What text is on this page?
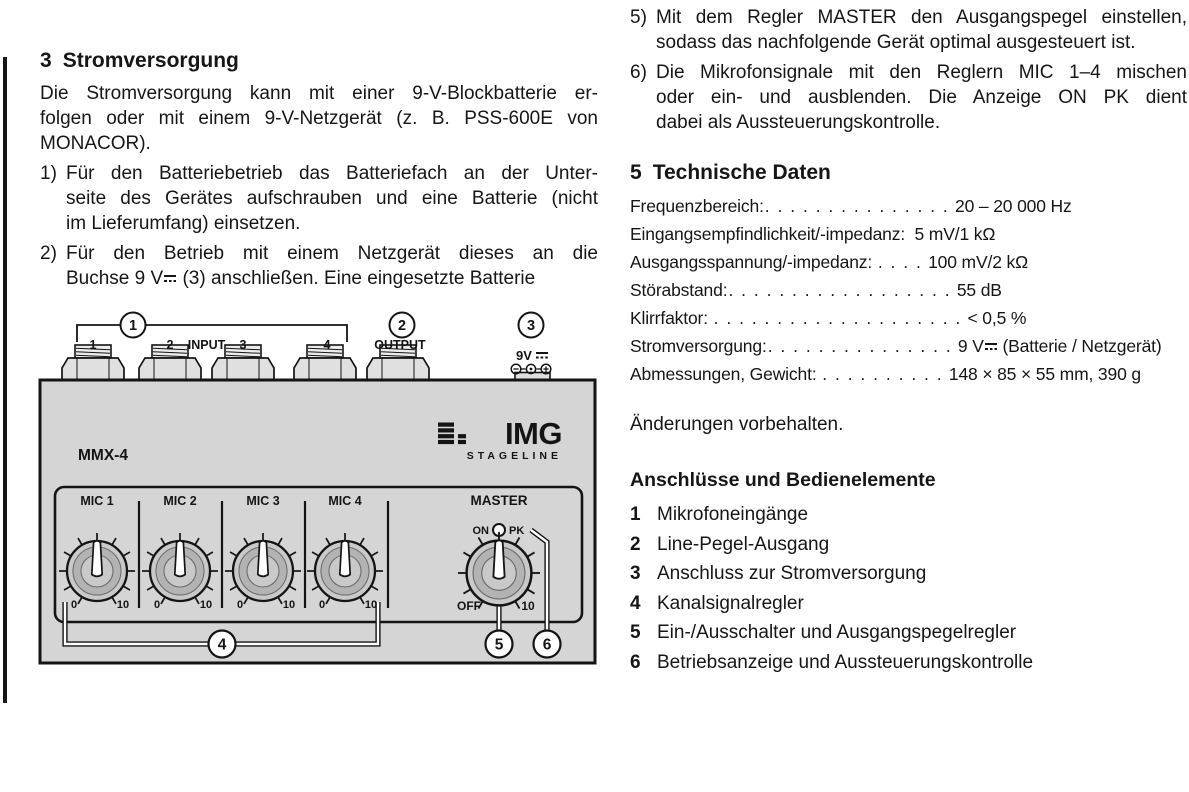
3 Stromversorgung

Die Stromversorgung kann mit einer 9-V-Blockbatterie er-
folgen oder mit einem 9-V-Netzgerät (z. B. PSS-600E von
MONACOR).

1) Für den Batteriebetrieb das Batteriefach an der Unter-
seite des Gerätes aufschrauben und eine Batterie (nicht
im Lieferumfang) einsetzen.
2) Für den Betrieb mit einem Netzgerät dieses an die
Buchse 9 V (3) anschließen. Eine eingesetzte Batterie
1	2 INPUT 3	4	OUTPUT
9V
1	2	3
MMX-4
IMG
STAGELINE
MIC 1	MIC 2	MIC 3	MIC 4	MASTER
ON PK
0	10 0	10 0	10 0	10	OFF	10
4	5	6
5) Mit dem Regler MASTER den Ausgangspegel einstellen,
sodass das nachfolgende Gerät optimal ausgesteuert ist.
6) Die Mikrofonsignale mit den Reglern MIC 1–4 mischen
oder ein- und ausblenden. Die Anzeige ON PK dient
dabei als Aussteuerungskontrolle.
5 Technische Daten
Frequenzbereich:. . . . . . . . . . . . . . . 20 – 20 000 Hz
Eingangsempfindlichkeit/-impedanz: 5 mV/1 kΩ
Ausgangsspannung/-impedanz: . . . . 100 mV/2 kΩ
Störabstand:. . . . . . . . . . . . . . . . . . 55 dB
Klirrfaktor: . . . . . . . . . . . . . . . . . . . . < 0,5 %
Stromversorgung:. . . . . . . . . . . . . . . 9 V (Batterie / Netzgerät)
Abmessungen, Gewicht: . . . . . . . . . . 148 × 85 × 55 mm, 390 g
Änderungen vorbehalten.
Anschlüsse und Bedienelemente
1 Mikrofoneingänge
2 Line-Pegel-Ausgang
3 Anschluss zur Stromversorgung
4 Kanalsignalregler
5 Ein-/Ausschalter und Ausgangspegelregler
6 Betriebsanzeige und Aussteuerungskontrolle
